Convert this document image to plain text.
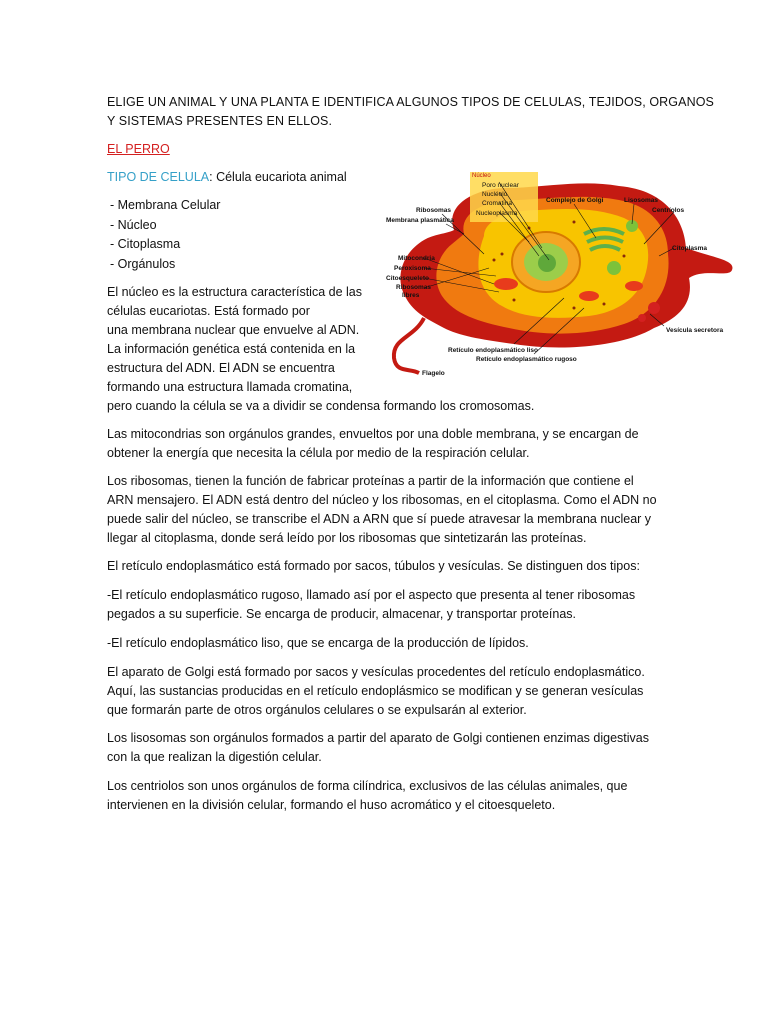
ELIGE UN ANIMAL Y UNA PLANTA E IDENTIFICA ALGUNOS TIPOS DE CELULAS, TEJIDOS, ORGANOS

Y SISTEMAS PRESENTES EN ELLOS.

EL PERRO

TIPO DE CELULA: Célula eucariota animal

- Membrana Celular
- Núcleo
- Citoplasma
- Orgánulos
Núcleo
Poro nuclear
Nucléolo
Cromatina
Nucleoplasma
Complejo de Golgi	Lisosomas
Centríolos
Ribosomas
Membrana plasmática
Citoplasma
Mitocondria
Peroxisoma
Citoesqueleto
Ribosomas
libres
Vesícula secretora
Retículo endoplasmático liso
Retículo endoplasmático rugoso
Flagelo
El núcleo es la estructura característica de las
células eucariotas. Está formado por
una membrana nuclear que envuelve al ADN.
La información genética está contenida en la
estructura del ADN. El ADN se encuentra
formando una estructura llamada cromatina,
pero cuando la célula se va a dividir se condensa formando los cromosomas.
Las mitocondrias son orgánulos grandes, envueltos por una doble membrana, y se encargan de
obtener la energía que necesita la célula por medio de la respiración celular.
Los ribosomas, tienen la función de fabricar proteínas a partir de la información que contiene el
ARN mensajero. El ADN está dentro del núcleo y los ribosomas, en el citoplasma. Como el ADN no
puede salir del núcleo, se transcribe el ADN a ARN que sí puede atravesar la membrana nuclear y
llegar al citoplasma, donde será leído por los ribosomas que sintetizarán las proteínas.
El retículo endoplasmático está formado por sacos, túbulos y vesículas. Se distinguen dos tipos:
-El retículo endoplasmático rugoso, llamado así por el aspecto que presenta al tener ribosomas
pegados a su superficie. Se encarga de producir, almacenar, y transportar proteínas.
-El retículo endoplasmático liso, que se encarga de la producción de lípidos.
El aparato de Golgi está formado por sacos y vesículas procedentes del retículo endoplasmático.
Aquí, las sustancias producidas en el retículo endoplásmico se modifican y se generan vesículas
que formarán parte de otros orgánulos celulares o se expulsarán al exterior.
Los lisosomas son orgánulos formados a partir del aparato de Golgi contienen enzimas digestivas
con la que realizan la digestión celular.
Los centriolos son unos orgánulos de forma cilíndrica, exclusivos de las células animales, que
intervienen en la división celular, formando el huso acromático y el citoesqueleto.
